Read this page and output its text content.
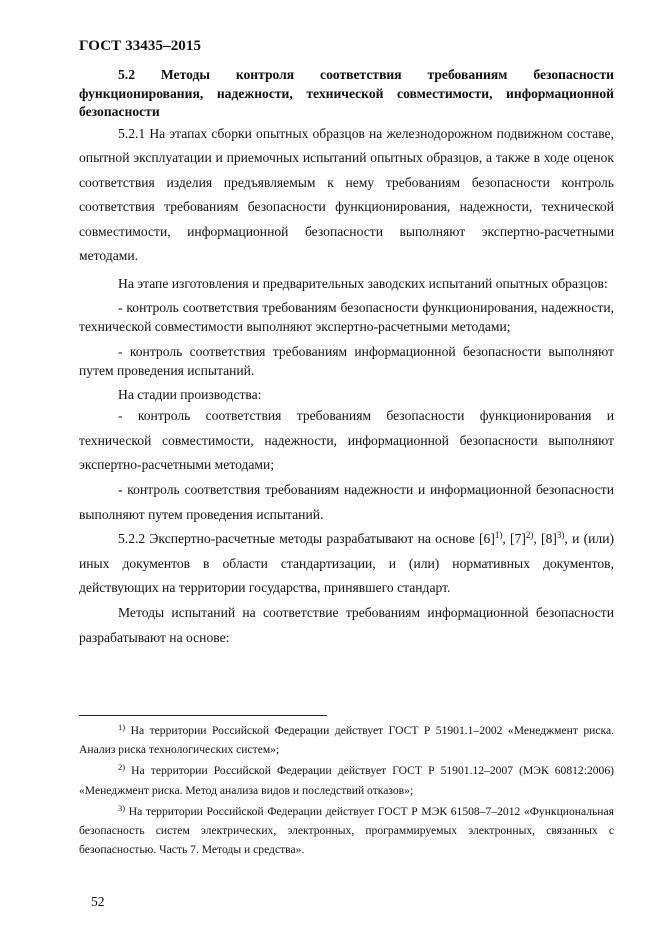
ГОСТ 33435–2015

5.2 Методы контроля соответствия требованиям безопасности функционирования, надежности, технической совместимости, информационной безопасности

5.2.1 На этапах сборки опытных образцов на железнодорожном подвижном составе, опытной эксплуатации и приемочных испытаний опытных образцов, а также в ходе оценок соответствия изделия предъявляемым к нему требованиям безопасности контроль соответствия требованиям безопасности функционирования, надежности, технической совместимости, информационной безопасности выполняют экспертно-расчетными методами.

На этапе изготовления и предварительных заводских испытаний опытных образцов:

- контроль соответствия требованиям безопасности функционирования, надежности, технической совместимости выполняют экспертно-расчетными методами;

- контроль соответствия требованиям информационной безопасности выполняют путем проведения испытаний.

На стадии производства:

- контроль соответствия требованиям безопасности функционирования и технической совместимости, надежности, информационной безопасности выполняют экспертно-расчетными методами;

- контроль соответствия требованиям надежности и информационной безопасности выполняют путем проведения испытаний.

5.2.2 Экспертно-расчетные методы разрабатывают на основе $[6]^{1)}$, $[7]^{2)}$, $[8]^{3)}$, и (или) иных документов в области стандартизации, и (или) нормативных документов, действующих на территории государства, принявшего стандарт.

Методы испытаний на соответствие требованиям информационной безопасности разрабатывают на основе:

$^{1)}$ На территории Российской Федерации действует ГОСТ Р 51901.1–2002 «Менеджмент риска. Анализ риска технологических систем»;

$^{2)}$ На территории Российской Федерации действует ГОСТ Р 51901.12–2007 (МЭК 60812:2006) «Менеджмент риска. Метод анализа видов и последствий отказов»;

$^{3)}$ На территории Российской Федерации действует ГОСТ Р МЭК 61508–7–2012 «Функциональная безопасность систем электрических, электронных, программируемых электронных, связанных с безопасностью. Часть 7. Методы и средства».

52
